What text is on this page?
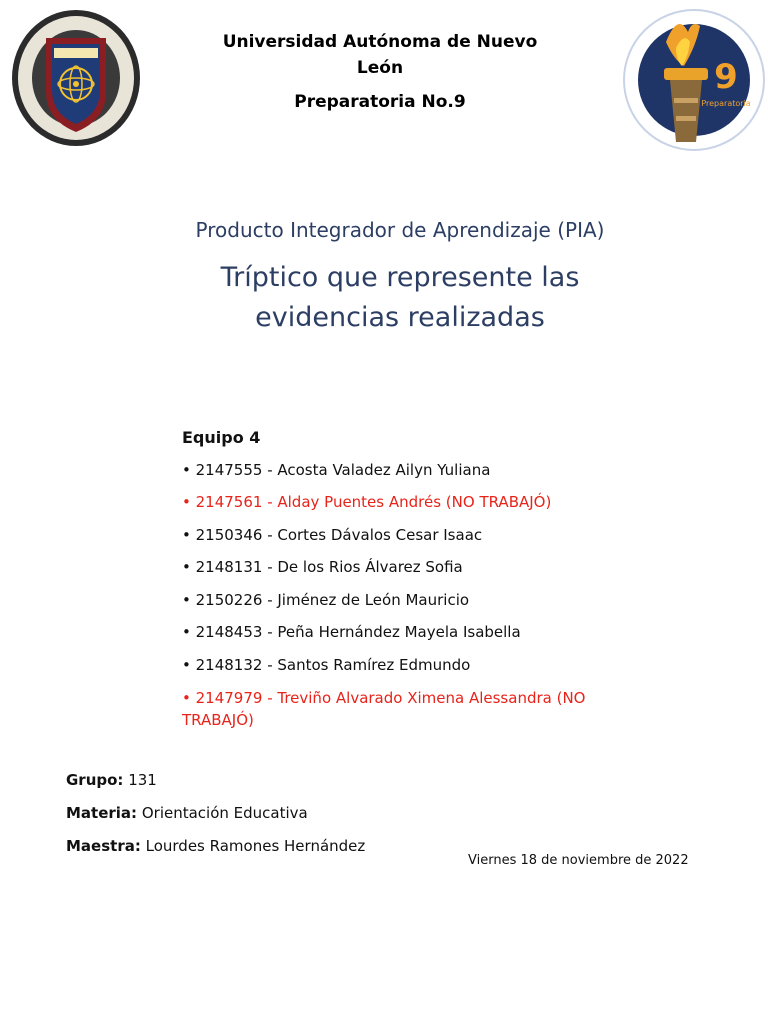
9
Preparatoria
Universidad Autónoma de Nuevo
León
Preparatoria No.9
Producto Integrador de Aprendizaje (PIA)
Tríptico que represente las
evidencias realizadas
Equipo 4
• 2147555 - Acosta Valadez Ailyn Yuliana
• 2147561 - Alday Puentes Andrés (NO TRABAJÓ)
• 2150346 - Cortes Dávalos Cesar Isaac
• 2148131 - De los Rios Álvarez Sofia
• 2150226 - Jiménez de León Mauricio
• 2148453 - Peña Hernández Mayela Isabella
• 2148132 - Santos Ramírez Edmundo
• 2147979 - Treviño Alvarado Ximena Alessandra (NO TRABAJÓ)
Grupo: 131
Materia: Orientación Educativa
Maestra: Lourdes Ramones Hernández
Viernes 18 de noviembre de 2022
